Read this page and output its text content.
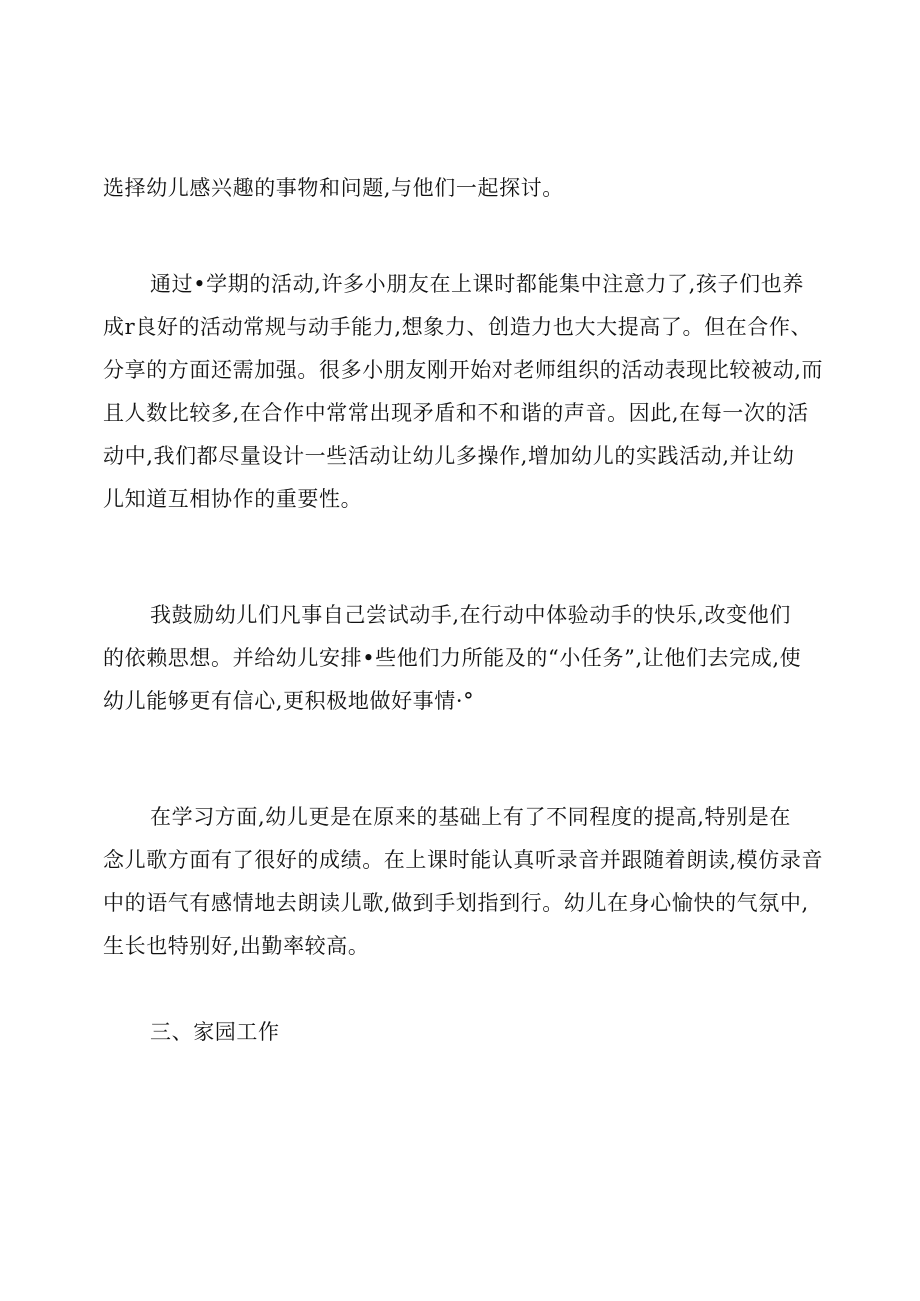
选择幼儿感兴趣的事物和问题,与他们一起探讨。

通过•学期的活动,许多小朋友在上课时都能集中注意力了,孩子们也养

成r良好的活动常规与动手能力,想象力、创造力也大大提高了。但在合作、

分享的方面还需加强。很多小朋友刚开始对老师组织的活动表现比较被动,而

且人数比较多,在合作中常常出现矛盾和不和谐的声音。因此,在每一次的活

动中,我们都尽量设计一些活动让幼儿多操作,增加幼儿的实践活动,并让幼

儿知道互相协作的重要性。

我鼓励幼儿们凡事自己尝试动手,在行动中体验动手的快乐,改变他们

的依赖思想。并给幼儿安排•些他们力所能及的“小任务”,让他们去完成,使

幼儿能够更有信心,更积极地做好事情·°

在学习方面,幼儿更是在原来的基础上有了不同程度的提高,特别是在

念儿歌方面有了很好的成绩。在上课时能认真听录音并跟随着朗读,模仿录音

中的语气有感情地去朗读儿歌,做到手划指到行。幼儿在身心愉快的气氛中,

生长也特别好,出勤率较高。

三、家园工作
